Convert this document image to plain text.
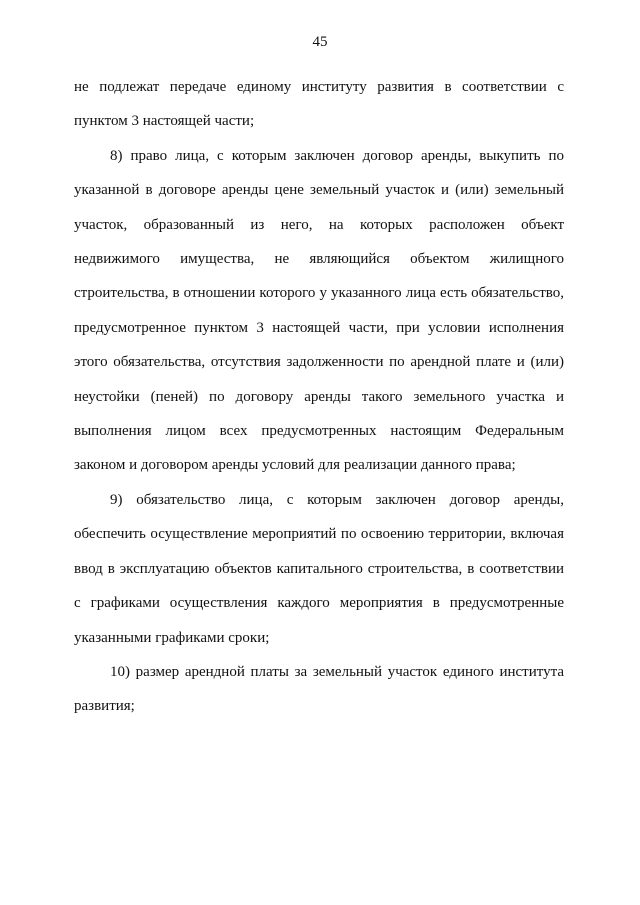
45

не подлежат передаче единому институту развития в соответствии с пунктом 3 настоящей части;

8) право лица, с которым заключен договор аренды, выкупить по указанной в договоре аренды цене земельный участок и (или) земельный участок, образованный из него, на которых расположен объект недвижимого имущества, не являющийся объектом жилищного строительства, в отношении которого у указанного лица есть обязательство, предусмотренное пунктом 3 настоящей части, при условии исполнения этого обязательства, отсутствия задолженности по арендной плате и (или) неустойки (пеней) по договору аренды такого земельного участка и выполнения лицом всех предусмотренных настоящим Федеральным законом и договором аренды условий для реализации данного права;

9) обязательство лица, с которым заключен договор аренды, обеспечить осуществление мероприятий по освоению территории, включая ввод в эксплуатацию объектов капитального строительства, в соответствии с графиками осуществления каждого мероприятия в предусмотренные указанными графиками сроки;

10) размер арендной платы за земельный участок единого института развития;
